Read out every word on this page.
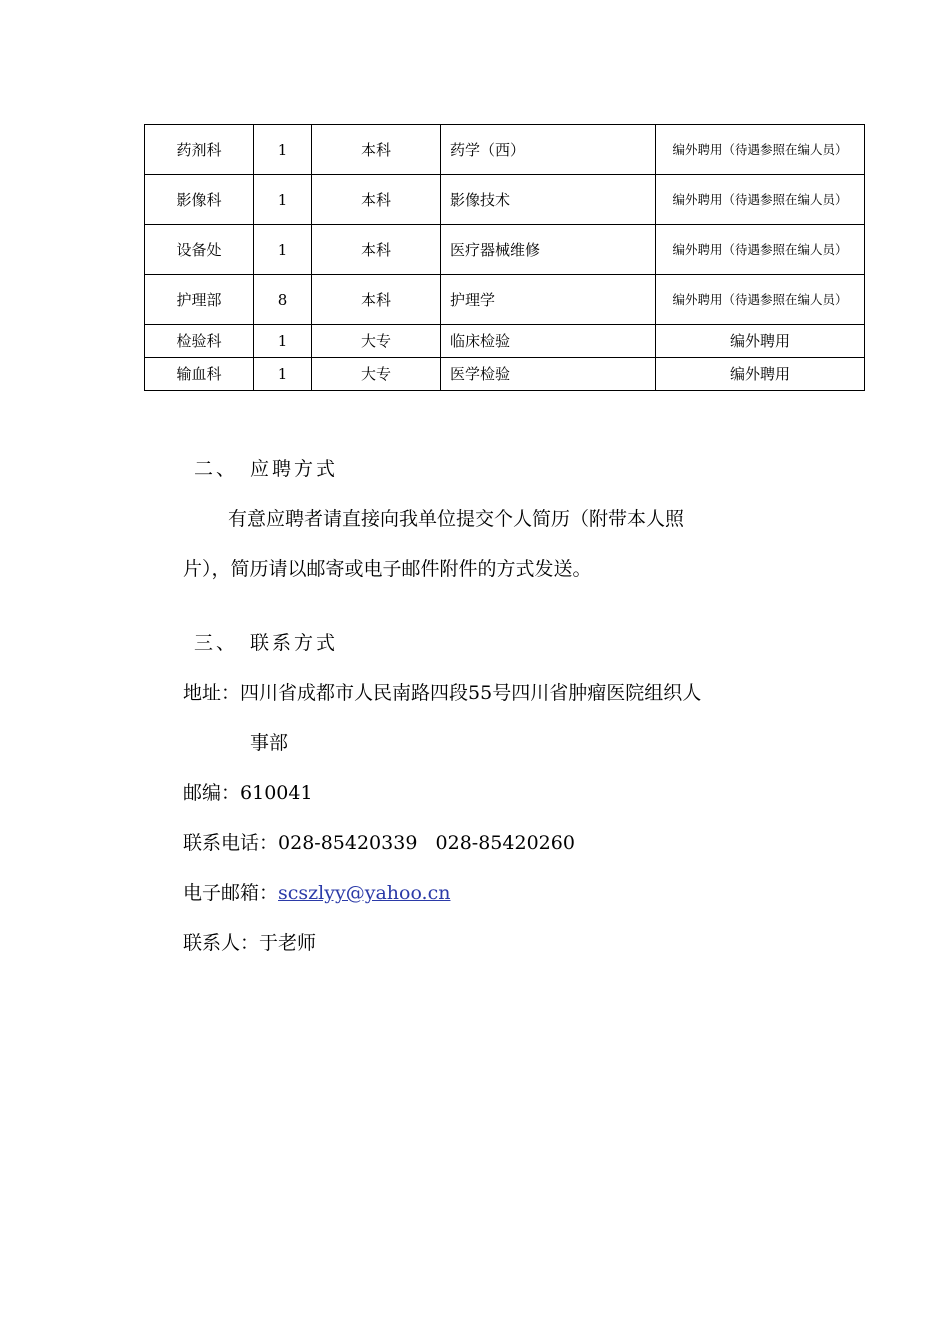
药剂科	1	本科	药学（西）	编外聘用（待遇参照在编人员）
影像科	1	本科	影像技术	编外聘用（待遇参照在编人员）
设备处	1	本科	医疗器械维修	编外聘用（待遇参照在编人员）
护理部	8	本科	护理学	编外聘用（待遇参照在编人员）
检验科	1	大专	临床检验	编外聘用
输血科	1	大专	医学检验	编外聘用
二、 应聘方式
有意应聘者请直接向我单位提交个人简历（附带本人照
片），简历请以邮寄或电子邮件附件的方式发送。
三、 联系方式
地址：四川省成都市人民南路四段55号四川省肿瘤医院组织人
事部
邮编：610041
联系电话：028-85420339   028-85420260
电子邮箱：scszlyy@yahoo.cn
联系人：于老师
